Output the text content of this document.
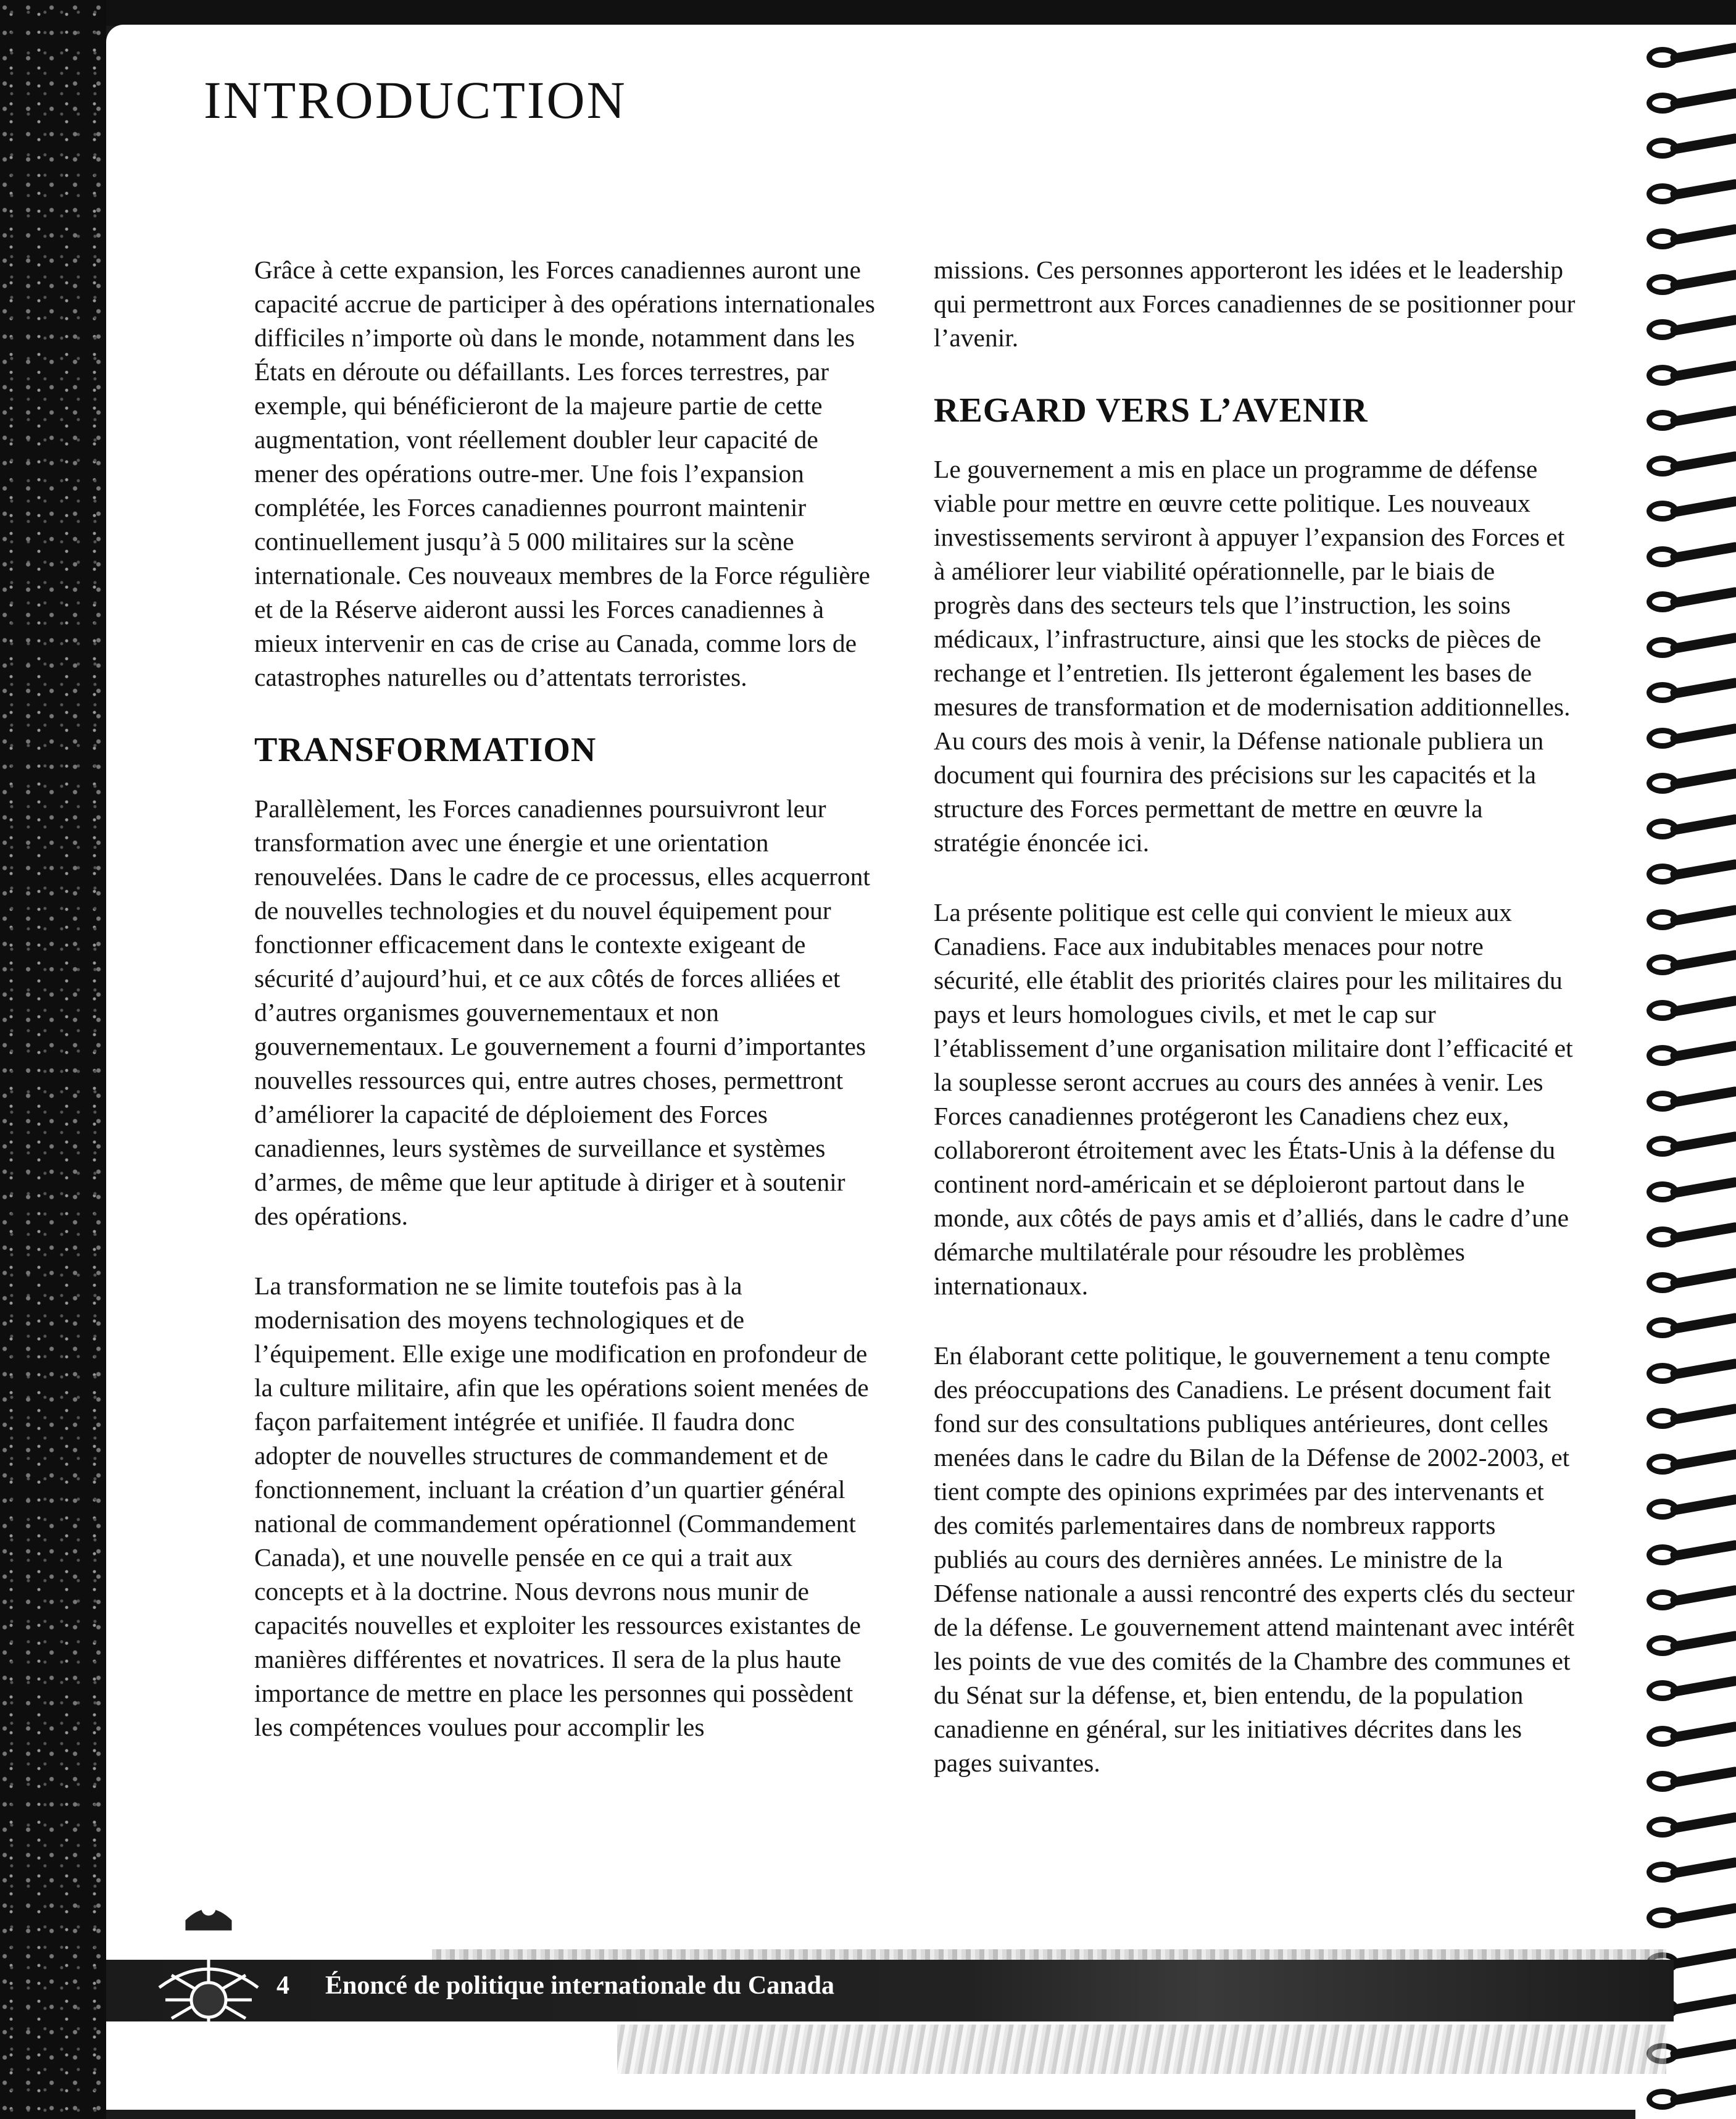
INTRODUCTION

Grâce à cette expansion, les Forces canadiennes auront une capacité accrue de participer à des opérations internationales difficiles n’importe où dans le monde, notamment dans les États en déroute ou défaillants. Les forces terrestres, par exemple, qui bénéficieront de la majeure partie de cette augmentation, vont réellement doubler leur capacité de mener des opérations outre-mer. Une fois l’expansion complétée, les Forces canadiennes pourront maintenir continuellement jusqu’à 5 000 militaires sur la scène internationale. Ces nouveaux membres de la Force régulière et de la Réserve aideront aussi les Forces canadiennes à mieux intervenir en cas de crise au Canada, comme lors de catastrophes naturelles ou d’attentats terroristes.

TRANSFORMATION

Parallèlement, les Forces canadiennes poursuivront leur transformation avec une énergie et une orientation renouvelées. Dans le cadre de ce processus, elles acquerront de nouvelles technologies et du nouvel équipement pour fonctionner efficacement dans le contexte exigeant de sécurité d’aujourd’hui, et ce aux côtés de forces alliées et d’autres organismes gouvernementaux et non gouvernementaux. Le gouvernement a fourni d’importantes nouvelles ressources qui, entre autres choses, permettront d’améliorer la capacité de déploiement des Forces canadiennes, leurs systèmes de surveillance et systèmes d’armes, de même que leur aptitude à diriger et à soutenir des opérations.

La transformation ne se limite toutefois pas à la modernisation des moyens technologiques et de l’équipement. Elle exige une modification en profondeur de la culture militaire, afin que les opérations soient menées de façon parfaitement intégrée et unifiée. Il faudra donc adopter de nouvelles structures de commandement et de fonctionnement, incluant la création d’un quartier général national de commandement opérationnel (Commandement Canada), et une nouvelle pensée en ce qui a trait aux concepts et à la doctrine. Nous devrons nous munir de capacités nouvelles et exploiter les ressources existantes de manières différentes et novatrices. Il sera de la plus haute importance de mettre en place les personnes qui possèdent les compétences voulues pour accomplir les

missions. Ces personnes apporteront les idées et le leadership qui permettront aux Forces canadiennes de se positionner pour l’avenir.

REGARD VERS L’AVENIR

Le gouvernement a mis en place un programme de défense viable pour mettre en œuvre cette politique. Les nouveaux investissements serviront à appuyer l’expansion des Forces et à améliorer leur viabilité opérationnelle, par le biais de progrès dans des secteurs tels que l’instruction, les soins médicaux, l’infrastructure, ainsi que les stocks de pièces de rechange et l’entretien. Ils jetteront également les bases de mesures de transformation et de modernisation additionnelles. Au cours des mois à venir, la Défense nationale publiera un document qui fournira des précisions sur les capacités et la structure des Forces permettant de mettre en œuvre la stratégie énoncée ici.

La présente politique est celle qui convient le mieux aux Canadiens. Face aux indubitables menaces pour notre sécurité, elle établit des priorités claires pour les militaires du pays et leurs homologues civils, et met le cap sur l’établissement d’une organisation militaire dont l’efficacité et la souplesse seront accrues au cours des années à venir. Les Forces canadiennes protégeront les Canadiens chez eux, collaboreront étroitement avec les États-Unis à la défense du continent nord-américain et se déploieront partout dans le monde, aux côtés de pays amis et d’alliés, dans le cadre d’une démarche multilatérale pour résoudre les problèmes internationaux.

En élaborant cette politique, le gouvernement a tenu compte des préoccupations des Canadiens. Le présent document fait fond sur des consultations publiques antérieures, dont celles menées dans le cadre du Bilan de la Défense de 2002-2003, et tient compte des opinions exprimées par des intervenants et des comités parlementaires dans de nombreux rapports publiés au cours des dernières années. Le ministre de la Défense nationale a aussi rencontré des experts clés du secteur de la défense. Le gouvernement attend maintenant avec intérêt les points de vue des comités de la Chambre des communes et du Sénat sur la défense, et, bien entendu, de la population canadienne en général, sur les initiatives décrites dans les pages suivantes.

4 Énoncé de politique internationale du Canada
